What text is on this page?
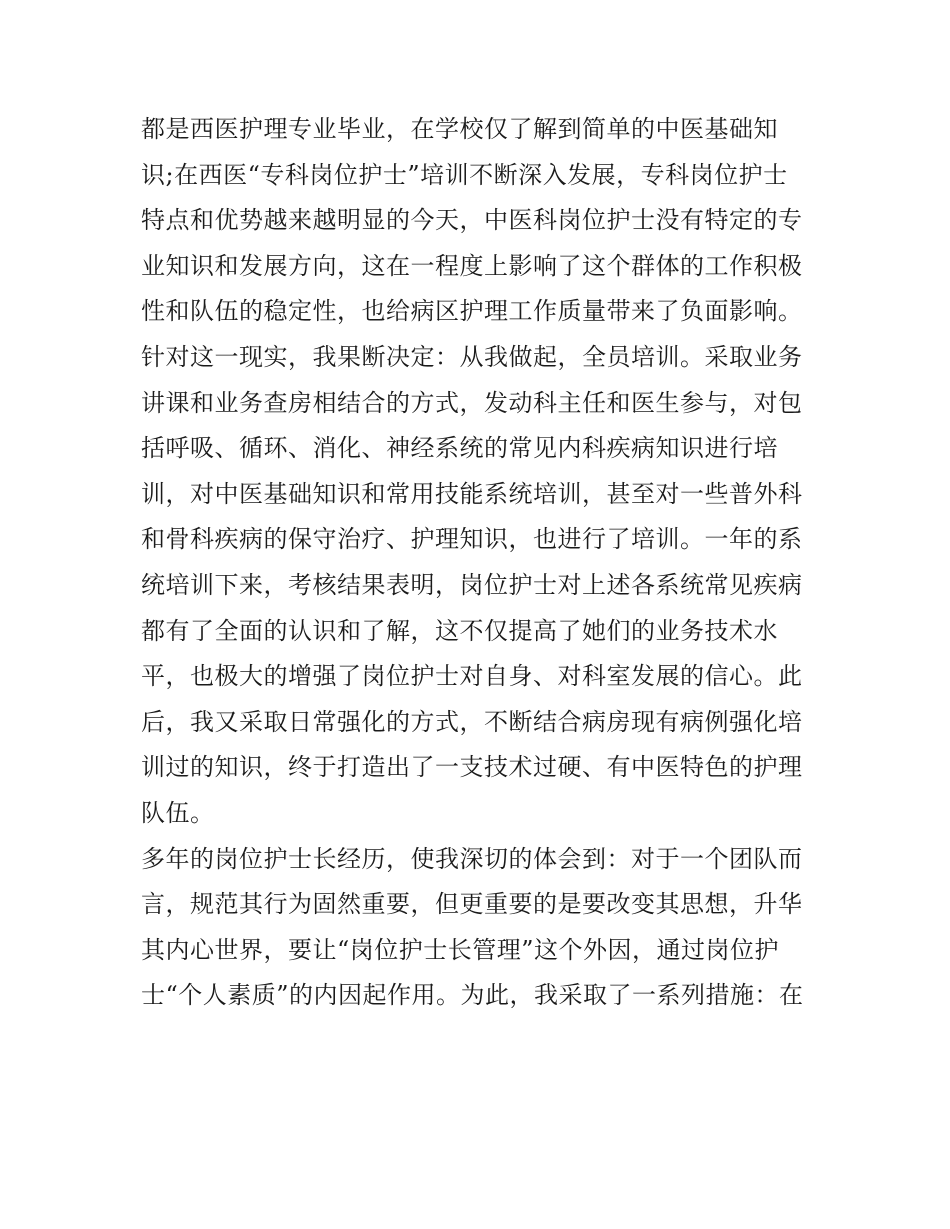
都是西医护理专业毕业，在学校仅了解到简单的中医基础知
识;在西医“专科岗位护士”培训不断深入发展，专科岗位护士
特点和优势越来越明显的今天，中医科岗位护士没有特定的专
业知识和发展方向，这在一程度上影响了这个群体的工作积极
性和队伍的稳定性，也给病区护理工作质量带来了负面影响。
针对这一现实，我果断决定：从我做起，全员培训。采取业务
讲课和业务查房相结合的方式，发动科主任和医生参与，对包
括呼吸、循环、消化、神经系统的常见内科疾病知识进行培
训，对中医基础知识和常用技能系统培训，甚至对一些普外科
和骨科疾病的保守治疗、护理知识，也进行了培训。一年的系
统培训下来，考核结果表明，岗位护士对上述各系统常见疾病
都有了全面的认识和了解，这不仅提高了她们的业务技术水
平，也极大的增强了岗位护士对自身、对科室发展的信心。此
后，我又采取日常强化的方式，不断结合病房现有病例强化培
训过的知识，终于打造出了一支技术过硬、有中医特色的护理
队伍。
多年的岗位护士长经历，使我深切的体会到：对于一个团队而
言，规范其行为固然重要，但更重要的是要改变其思想，升华
其内心世界，要让“岗位护士长管理”这个外因，通过岗位护
士“个人素质”的内因起作用。为此，我采取了一系列措施：在
